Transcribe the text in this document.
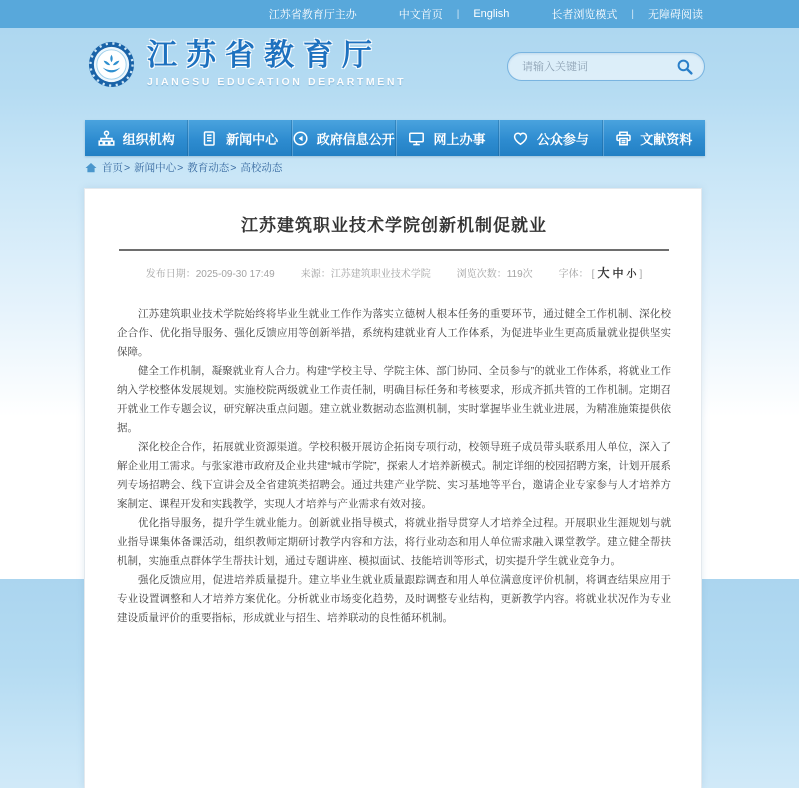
江苏省教育厅主办	中文首页 | English	长者浏览模式 | 无障碍阅读
江苏省教育厅
JIANGSU EDUCATION DEPARTMENT
请输入关键词
组织机构	新闻中心	政府信息公开	网上办事	公众参与	文献资料
首页 > 新闻中心 > 教育动态 > 高校动态
江苏建筑职业技术学院创新机制促就业
发布日期： 2025-09-30 17:49	来源： 江苏建筑职业技术学院	浏览次数： 119次	字体： [ 大 中 小 ]

江苏建筑职业技术学院始终将毕业生就业工作作为落实立德树人根本任务的重要环节，通过健全工作机制、深化校企合作、优化指导服务、强化反馈应用等创新举措，系统构建就业育人工作体系，为促进毕业生更高质量就业提供坚实保障。

健全工作机制，凝聚就业育人合力。构建“学校主导、学院主体、部门协同、全员参与”的就业工作体系，将就业工作纳入学校整体发展规划。实施校院两级就业工作责任制，明确目标任务和考核要求，形成齐抓共管的工作机制。定期召开就业工作专题会议，研究解决重点问题。建立就业数据动态监测机制，实时掌握毕业生就业进展，为精准施策提供依据。

深化校企合作，拓展就业资源渠道。学校积极开展访企拓岗专项行动，校领导班子成员带头联系用人单位，深入了解企业用工需求。与张家港市政府及企业共建“城市学院”，探索人才培养新模式。制定详细的校园招聘方案，计划开展系列专场招聘会、线下宣讲会及全省建筑类招聘会。通过共建产业学院、实习基地等平台，邀请企业专家参与人才培养方案制定、课程开发和实践教学，实现人才培养与产业需求有效对接。

优化指导服务，提升学生就业能力。创新就业指导模式，将就业指导贯穿人才培养全过程。开展职业生涯规划与就业指导课集体备课活动，组织教师定期研讨教学内容和方法，将行业动态和用人单位需求融入课堂教学。建立健全帮扶机制，实施重点群体学生帮扶计划，通过专题讲座、模拟面试、技能培训等形式，切实提升学生就业竞争力。

强化反馈应用，促进培养质量提升。建立毕业生就业质量跟踪调查和用人单位满意度评价机制，将调查结果应用于专业设置调整和人才培养方案优化。分析就业市场变化趋势，及时调整专业结构，更新教学内容。将就业状况作为专业建设质量评价的重要指标，形成就业与招生、培养联动的良性循环机制。
